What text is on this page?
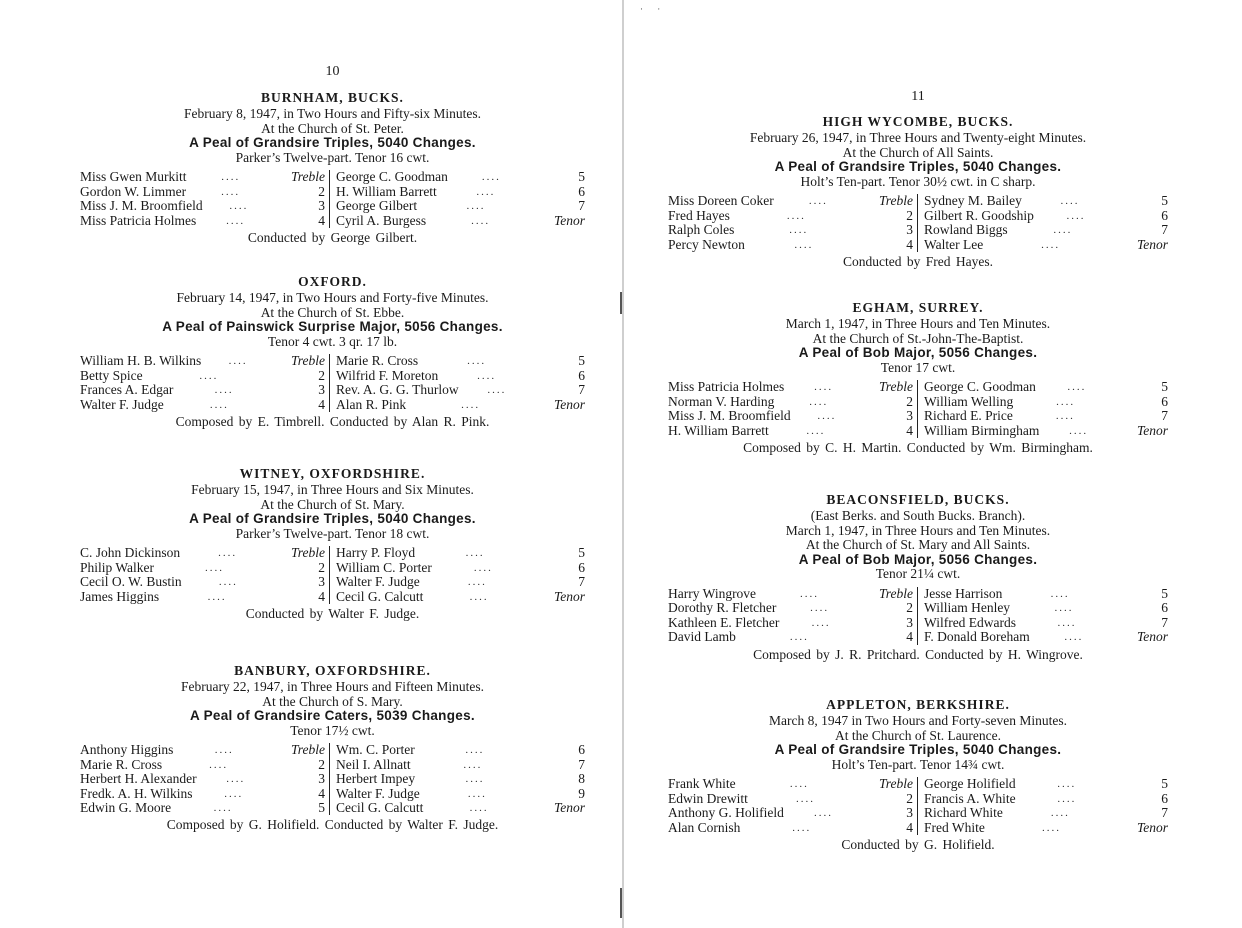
· ·
10
BURNHAM, BUCKS.
February 8, 1947, in Two Hours and Fifty-six Minutes.
At the Church of St. Peter.
A Peal of Grandsire Triples, 5040 Changes.
Parker’s Twelve-part. Tenor 16 cwt.
Miss Gwen Murkitt	....	Treble
Gordon W. Limmer	....	2
Miss J. M. Broomfield	....	3
Miss Patricia Holmes	....	4
George C. Goodman	....	5
H. William Barrett	....	6
George Gilbert	....	7
Cyril A. Burgess	....	Tenor
Conducted by George Gilbert.
OXFORD.
February 14, 1947, in Two Hours and Forty-five Minutes.
At the Church of St. Ebbe.
A Peal of Painswick Surprise Major, 5056 Changes.
Tenor 4 cwt. 3 qr. 17 lb.
William H. B. Wilkins	....	Treble
Betty Spice	....	2
Frances A. Edgar	....	3
Walter F. Judge	....	4
Marie R. Cross	....	5
Wilfrid F. Moreton	....	6
Rev. A. G. G. Thurlow	....	7
Alan R. Pink	....	Tenor
Composed by E. Timbrell. Conducted by Alan R. Pink.
WITNEY, OXFORDSHIRE.
February 15, 1947, in Three Hours and Six Minutes.
At the Church of St. Mary.
A Peal of Grandsire Triples, 5040 Changes.
Parker’s Twelve-part. Tenor 18 cwt.
C. John Dickinson	....	Treble
Philip Walker	....	2
Cecil O. W. Bustin	....	3
James Higgins	....	4
Harry P. Floyd	....	5
William C. Porter	....	6
Walter F. Judge	....	7
Cecil G. Calcutt	....	Tenor
Conducted by Walter F. Judge.
BANBURY, OXFORDSHIRE.
February 22, 1947, in Three Hours and Fifteen Minutes.
At the Church of S. Mary.
A Peal of Grandsire Caters, 5039 Changes.
Tenor 17½ cwt.
Anthony Higgins	....	Treble
Marie R. Cross	....	2
Herbert H. Alexander	....	3
Fredk. A. H. Wilkins	....	4
Edwin G. Moore	....	5
Wm. C. Porter	....	6
Neil I. Allnatt	....	7
Herbert Impey	....	8
Walter F. Judge	....	9
Cecil G. Calcutt	....	Tenor
Composed by G. Holifield. Conducted by Walter F. Judge.
11
HIGH WYCOMBE, BUCKS.
February 26, 1947, in Three Hours and Twenty-eight Minutes.
At the Church of All Saints.
A Peal of Grandsire Triples, 5040 Changes.
Holt’s Ten-part. Tenor 30½ cwt. in C sharp.
Miss Doreen Coker	....	Treble
Fred Hayes	....	2
Ralph Coles	....	3
Percy Newton	....	4
Sydney M. Bailey	....	5
Gilbert R. Goodship	....	6
Rowland Biggs	....	7
Walter Lee	....	Tenor
Conducted by Fred Hayes.
EGHAM, SURREY.
March 1, 1947, in Three Hours and Ten Minutes.
At the Church of St.-John-The-Baptist.
A Peal of Bob Major, 5056 Changes.
Tenor 17 cwt.
Miss Patricia Holmes	....	Treble
Norman V. Harding	....	2
Miss J. M. Broomfield	....	3
H. William Barrett	....	4
George C. Goodman	....	5
William Welling	....	6
Richard E. Price	....	7
William Birmingham	....	Tenor
Composed by C. H. Martin. Conducted by Wm. Birmingham.
BEACONSFIELD, BUCKS.
(East Berks. and South Bucks. Branch).
March 1, 1947, in Three Hours and Ten Minutes.
At the Church of St. Mary and All Saints.
A Peal of Bob Major, 5056 Changes.
Tenor 21¼ cwt.
Harry Wingrove	....	Treble
Dorothy R. Fletcher	....	2
Kathleen E. Fletcher	....	3
David Lamb	....	4
Jesse Harrison	....	5
William Henley	....	6
Wilfred Edwards	....	7
F. Donald Boreham	....	Tenor
Composed by J. R. Pritchard. Conducted by H. Wingrove.
APPLETON, BERKSHIRE.
March 8, 1947 in Two Hours and Forty-seven Minutes.
At the Church of St. Laurence.
A Peal of Grandsire Triples, 5040 Changes.
Holt’s Ten-part. Tenor 14¾ cwt.
Frank White	....	Treble
Edwin Drewitt	....	2
Anthony G. Holifield	....	3
Alan Cornish	....	4
George Holifield	....	5
Francis A. White	....	6
Richard White	....	7
Fred White	....	Tenor
Conducted by G. Holifield.
